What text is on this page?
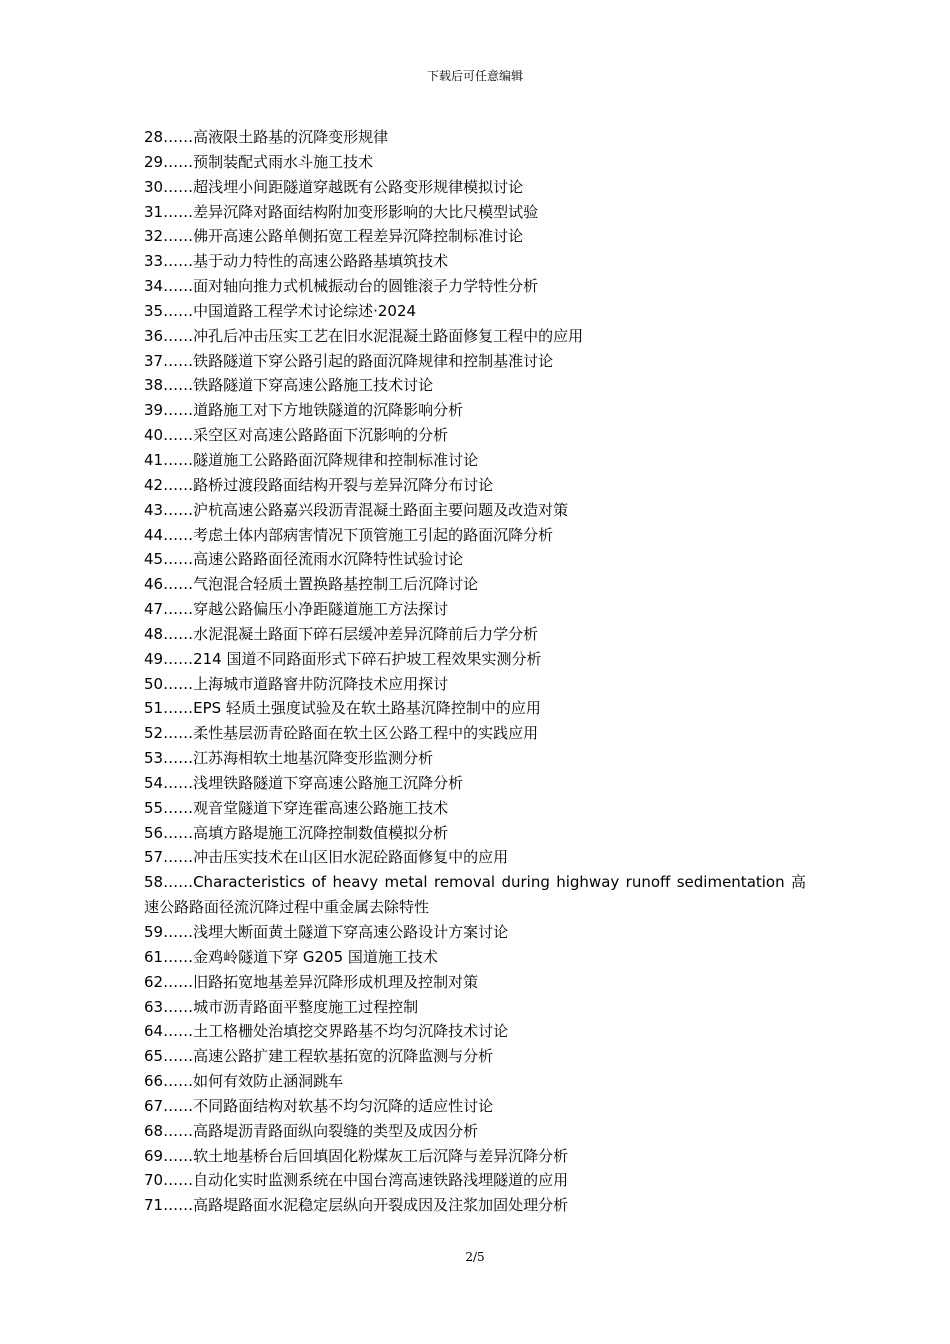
下载后可任意编辑
28……高液限土路基的沉降变形规律
29……预制装配式雨水斗施工技术
30……超浅埋小间距隧道穿越既有公路变形规律模拟讨论
31……差异沉降对路面结构附加变形影响的大比尺模型试验
32……佛开高速公路单侧拓宽工程差异沉降控制标准讨论
33……基于动力特性的高速公路路基填筑技术
34……面对轴向推力式机械振动台的圆锥滚子力学特性分析
35……中国道路工程学术讨论综述·2024
36……冲孔后冲击压实工艺在旧水泥混凝土路面修复工程中的应用
37……铁路隧道下穿公路引起的路面沉降规律和控制基准讨论
38……铁路隧道下穿高速公路施工技术讨论
39……道路施工对下方地铁隧道的沉降影响分析
40……采空区对高速公路路面下沉影响的分析
41……隧道施工公路路面沉降规律和控制标准讨论
42……路桥过渡段路面结构开裂与差异沉降分布讨论
43……沪杭高速公路嘉兴段沥青混凝土路面主要问题及改造对策
44……考虑土体内部病害情况下顶管施工引起的路面沉降分析
45……高速公路路面径流雨水沉降特性试验讨论
46……气泡混合轻质土置换路基控制工后沉降讨论
47……穿越公路偏压小净距隧道施工方法探讨
48……水泥混凝土路面下碎石层缓冲差异沉降前后力学分析
49……214 国道不同路面形式下碎石护坡工程效果实测分析
50……上海城市道路窨井防沉降技术应用探讨
51……EPS 轻质土强度试验及在软土路基沉降控制中的应用
52……柔性基层沥青砼路面在软土区公路工程中的实践应用
53……江苏海相软土地基沉降变形监测分析
54……浅埋铁路隧道下穿高速公路施工沉降分析
55……观音堂隧道下穿连霍高速公路施工技术
56……高填方路堤施工沉降控制数值模拟分析
57……冲击压实技术在山区旧水泥砼路面修复中的应用
58……Characteristics of heavy metal removal during highway runoff sedimentation 高速公路路面径流沉降过程中重金属去除特性
59……浅埋大断面黄土隧道下穿高速公路设计方案讨论
61……金鸡岭隧道下穿 G205 国道施工技术
62……旧路拓宽地基差异沉降形成机理及控制对策
63……城市沥青路面平整度施工过程控制
64……土工格栅处治填挖交界路基不均匀沉降技术讨论
65……高速公路扩建工程软基拓宽的沉降监测与分析
66……如何有效防止涵洞跳车
67……不同路面结构对软基不均匀沉降的适应性讨论
68……高路堤沥青路面纵向裂缝的类型及成因分析
69……软土地基桥台后回填固化粉煤灰工后沉降与差异沉降分析
70……自动化实时监测系统在中国台湾高速铁路浅埋隧道的应用
71……高路堤路面水泥稳定层纵向开裂成因及注浆加固处理分析
2/5
